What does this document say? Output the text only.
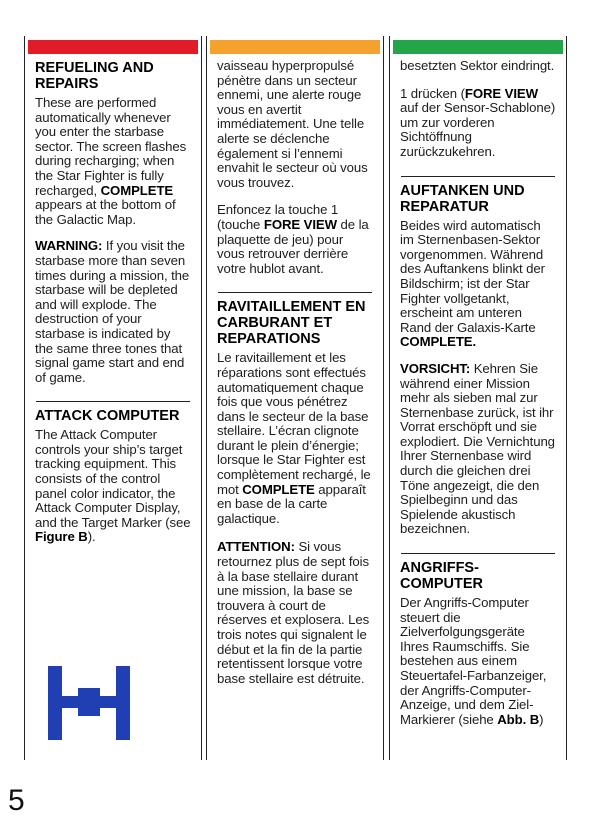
REFUELING AND REPAIRS

These are performed automatically whenever you enter the starbase sector. The screen flashes during recharging; when the Star Fighter is fully recharged, COMPLETE appears at the bottom of the Galactic Map.

WARNING: If you visit the starbase more than seven times during a mission, the starbase will be depleted and will explode. The destruction of your starbase is indicated by the same three tones that signal game start and end of game.

ATTACK COMPUTER

The Attack Computer controls your ship’s target tracking equipment. This consists of the control panel color indicator, the Attack Computer Display, and the Target Marker (see Figure B).

vaisseau hyperpropulsé pénètre dans un secteur ennemi, une alerte rouge vous en avertit immédiatement. Une telle alerte se déclenche également si l’ennemi envahit le secteur où vous vous trouvez.

Enfoncez la touche 1 (touche FORE VIEW de la plaquette de jeu) pour vous retrouver derrière votre hublot avant.

RAVITAILLEMENT EN CARBURANT ET REPARATIONS

Le ravitaillement et les réparations sont effectués automatiquement chaque fois que vous pénétrez dans le secteur de la base stellaire. L’écran clignote durant le plein d’énergie; lorsque le Star Fighter est complètement rechargé, le mot COMPLETE apparaît en base de la carte galactique.

ATTENTION: Si vous retournez plus de sept fois à la base stellaire durant une mission, la base se trouvera à court de réserves et explosera. Les trois notes qui signalent le début et la fin de la partie retentissent lorsque votre base stellaire est détruite.

besetzten Sektor eindringt.

1 drücken (FORE VIEW auf der Sensor-Schablone) um zur vorderen Sichtöffnung zurückzukehren.

AUFTANKEN UND REPARATUR

Beides wird automatisch im Sternenbasen-Sektor vorgenommen. Während des Auftankens blinkt der Bildschirm; ist der Star Fighter vollgetankt, erscheint am unteren Rand der Galaxis-Karte COMPLETE.

VORSICHT: Kehren Sie während einer Mission mehr als sieben mal zur Sternenbase zurück, ist ihr Vorrat erschöpft und sie explodiert. Die Vernichtung Ihrer Sternenbase wird durch die gleichen drei Töne angezeigt, die den Spielbeginn und das Spielende akustisch bezeichnen.

ANGRIFFS-COMPUTER

Der Angriffs-Computer steuert die Zielverfolgungsgeräte Ihres Raumschiffs. Sie bestehen aus einem Steuertafel-Farbanzeiger, der Angriffs-Computer-Anzeige, und dem Ziel-Markierer (siehe Abb. B)

5
